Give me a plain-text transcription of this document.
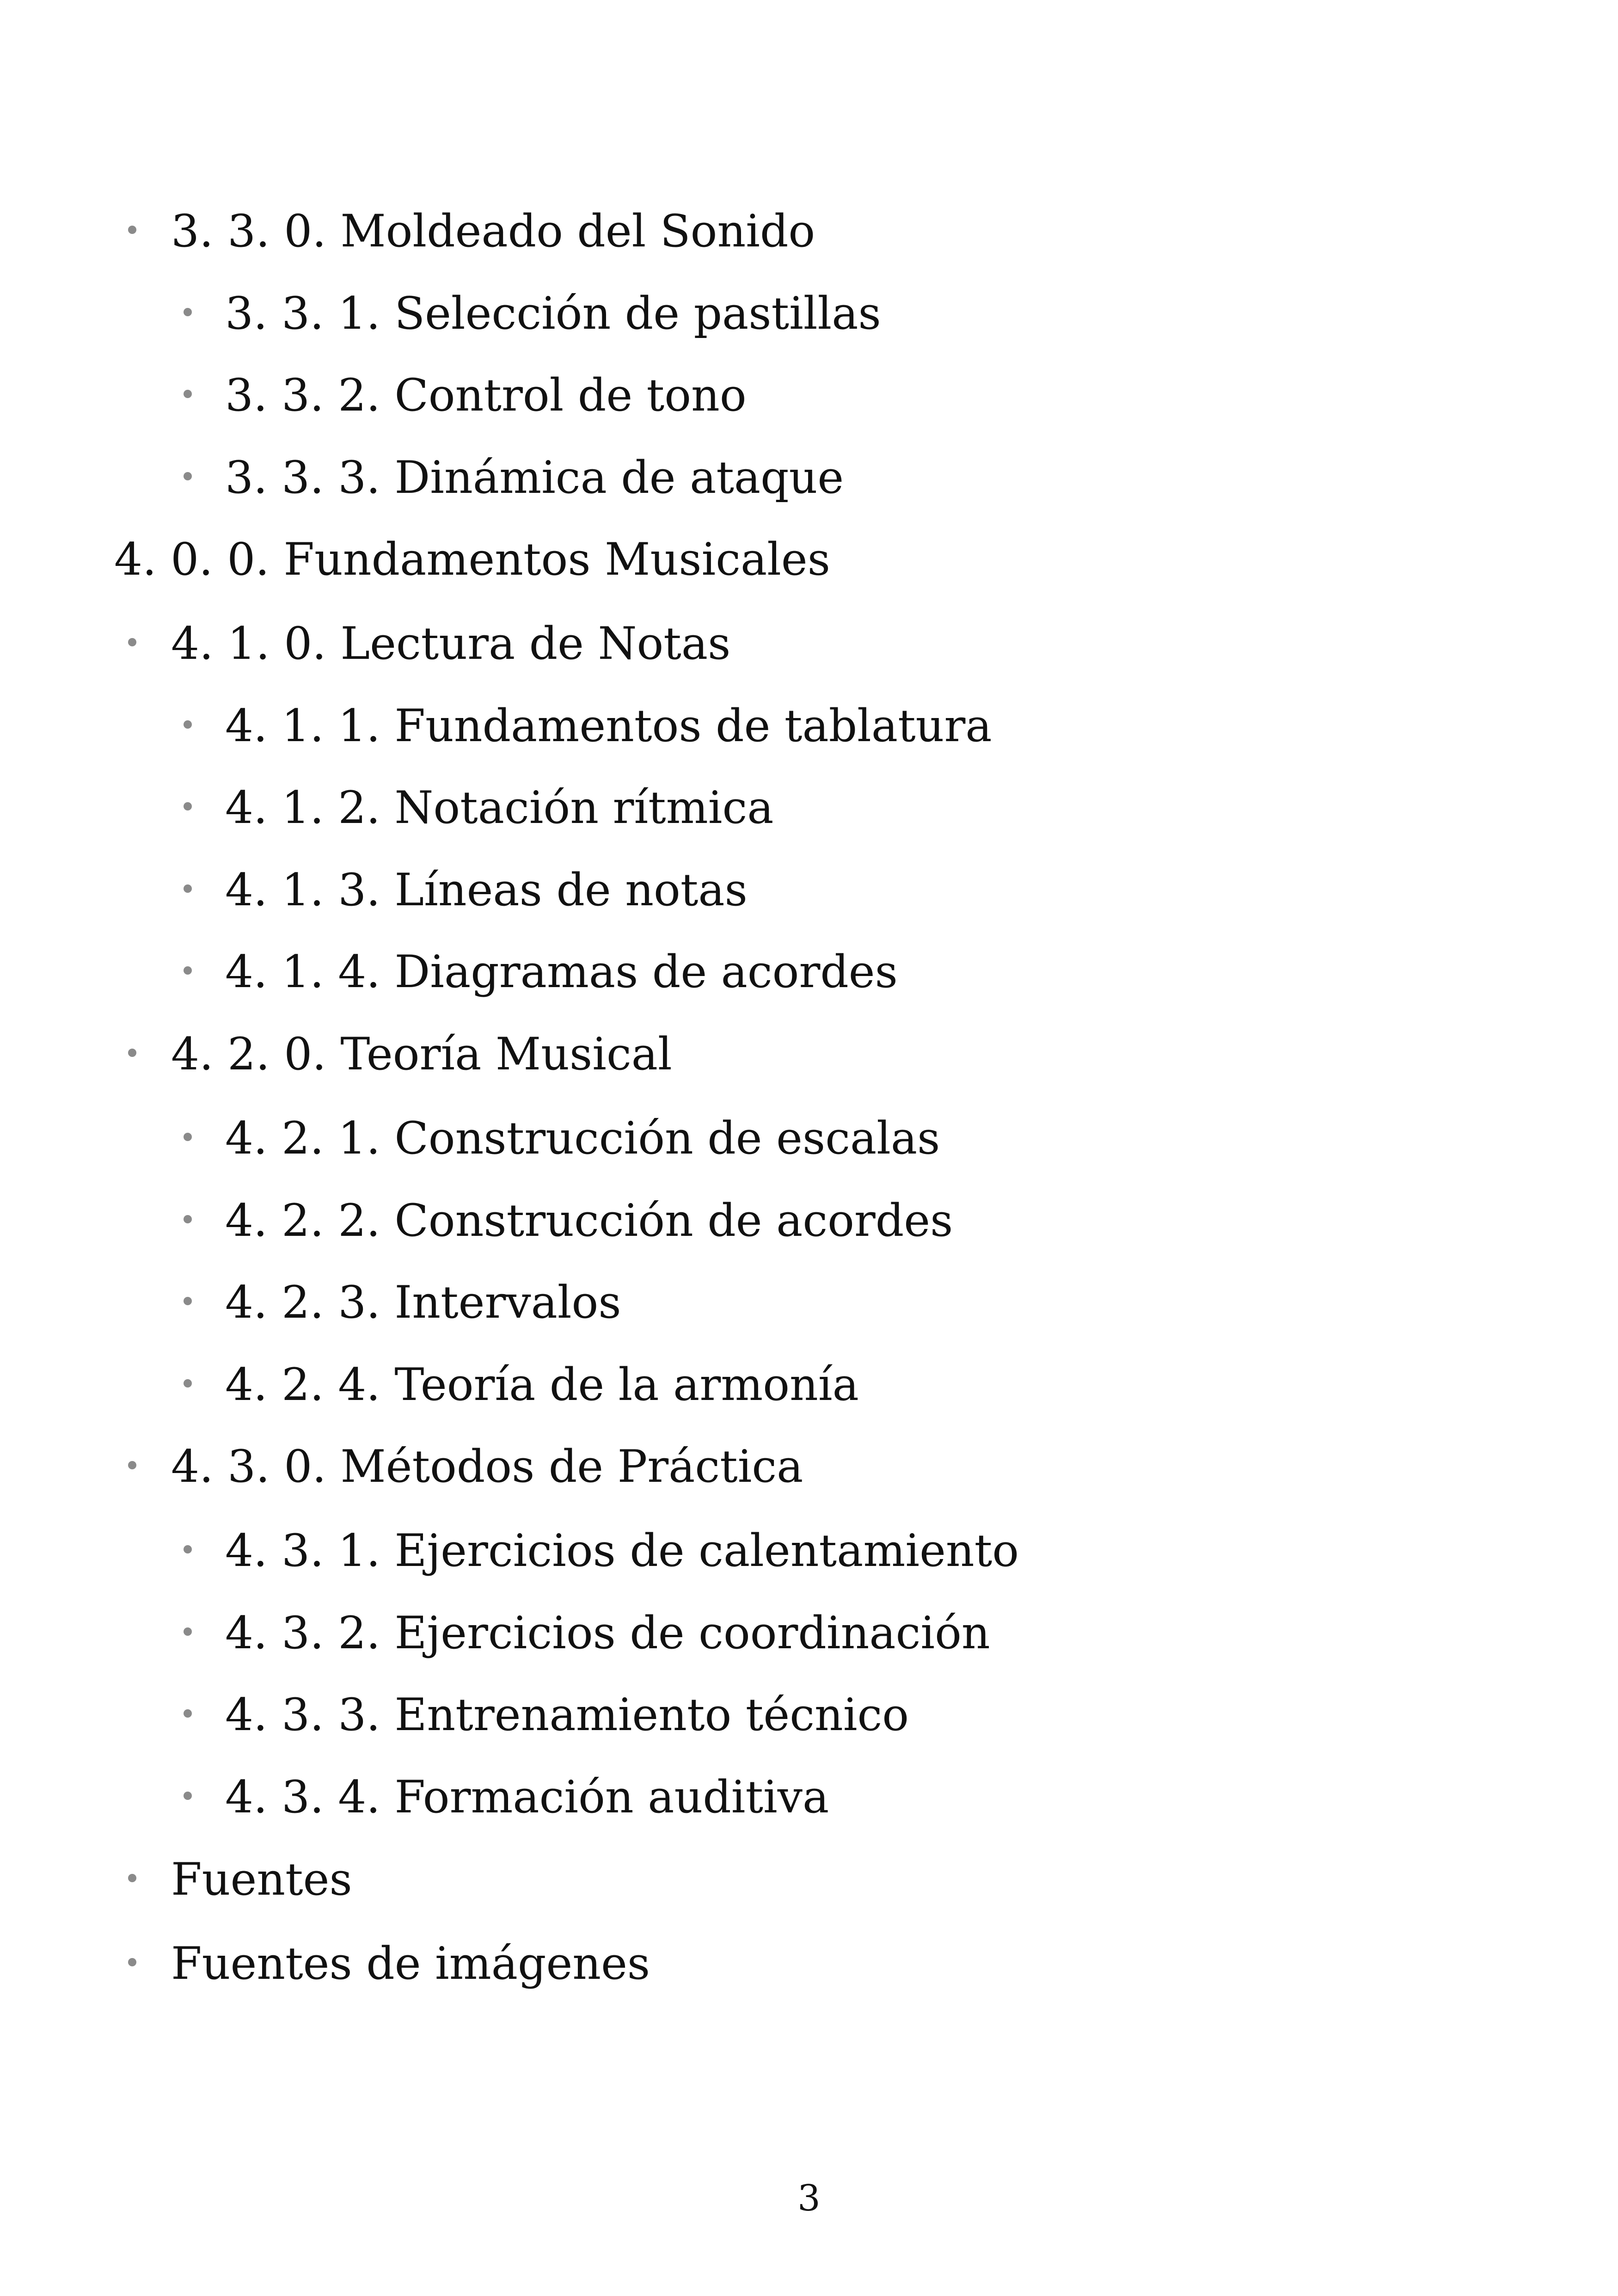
3. 3. 0. Moldeado del Sonido
3. 3. 1. Selección de pastillas
3. 3. 2. Control de tono
3. 3. 3. Dinámica de ataque
4. 0. 0. Fundamentos Musicales
4. 1. 0. Lectura de Notas
4. 1. 1. Fundamentos de tablatura
4. 1. 2. Notación rítmica
4. 1. 3. Líneas de notas
4. 1. 4. Diagramas de acordes
4. 2. 0. Teoría Musical
4. 2. 1. Construcción de escalas
4. 2. 2. Construcción de acordes
4. 2. 3. Intervalos
4. 2. 4. Teoría de la armonía
4. 3. 0. Métodos de Práctica
4. 3. 1. Ejercicios de calentamiento
4. 3. 2. Ejercicios de coordinación
4. 3. 3. Entrenamiento técnico
4. 3. 4. Formación auditiva
Fuentes
Fuentes de imágenes
3
